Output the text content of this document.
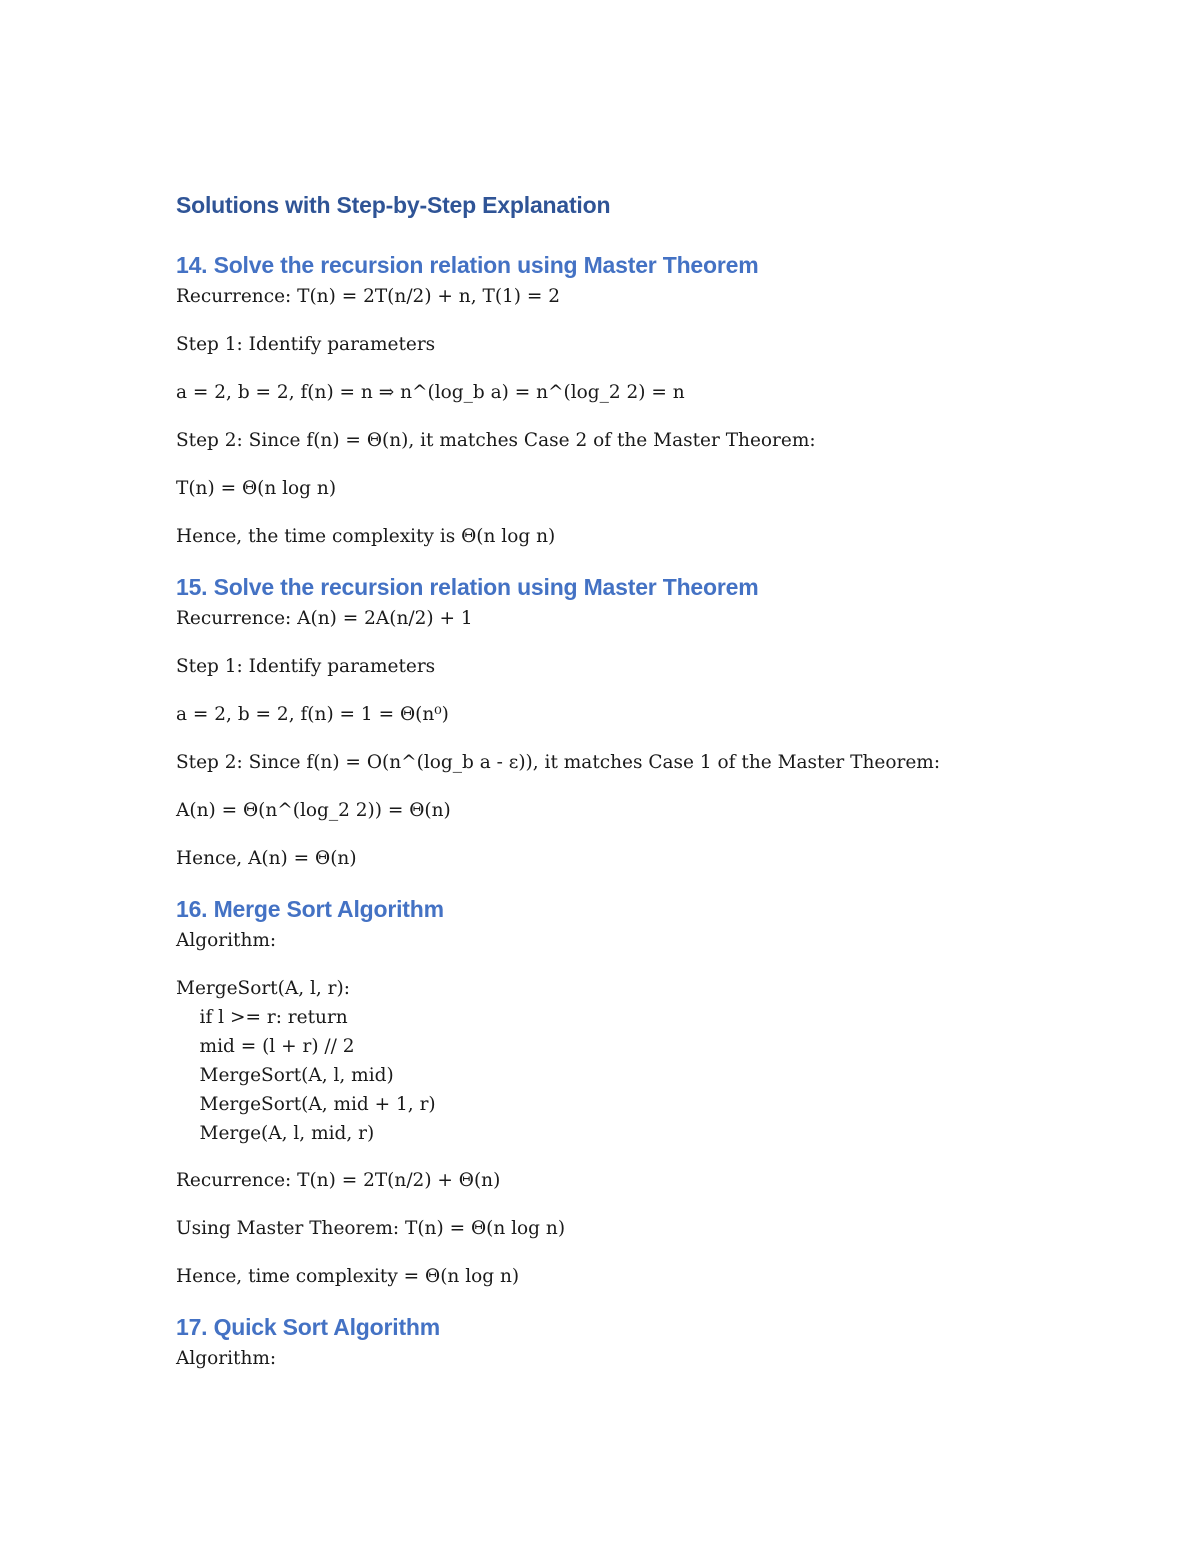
Solutions with Step-by-Step Explanation
14. Solve the recursion relation using Master Theorem

Recurrence: T(n) = 2T(n/2) + n, T(1) = 2

Step 1: Identify parameters

a = 2, b = 2, f(n) = n ⇒ n^(log_b a) = n^(log_2 2) = n

Step 2: Since f(n) = Θ(n), it matches Case 2 of the Master Theorem:

T(n) = Θ(n log n)

Hence, the time complexity is Θ(n log n)

15. Solve the recursion relation using Master Theorem

Recurrence: A(n) = 2A(n/2) + 1

Step 1: Identify parameters

a = 2, b = 2, f(n) = 1 = Θ(n⁰)

Step 2: Since f(n) = O(n^(log_b a - ε)), it matches Case 1 of the Master Theorem:

A(n) = Θ(n^(log_2 2)) = Θ(n)

Hence, A(n) = Θ(n)

16. Merge Sort Algorithm

Algorithm:

MergeSort(A, l, r):
if l >= r: return
mid = (l + r) // 2
MergeSort(A, l, mid)
MergeSort(A, mid + 1, r)
Merge(A, l, mid, r)

Recurrence: T(n) = 2T(n/2) + Θ(n)

Using Master Theorem: T(n) = Θ(n log n)

Hence, time complexity = Θ(n log n)

17. Quick Sort Algorithm

Algorithm:
